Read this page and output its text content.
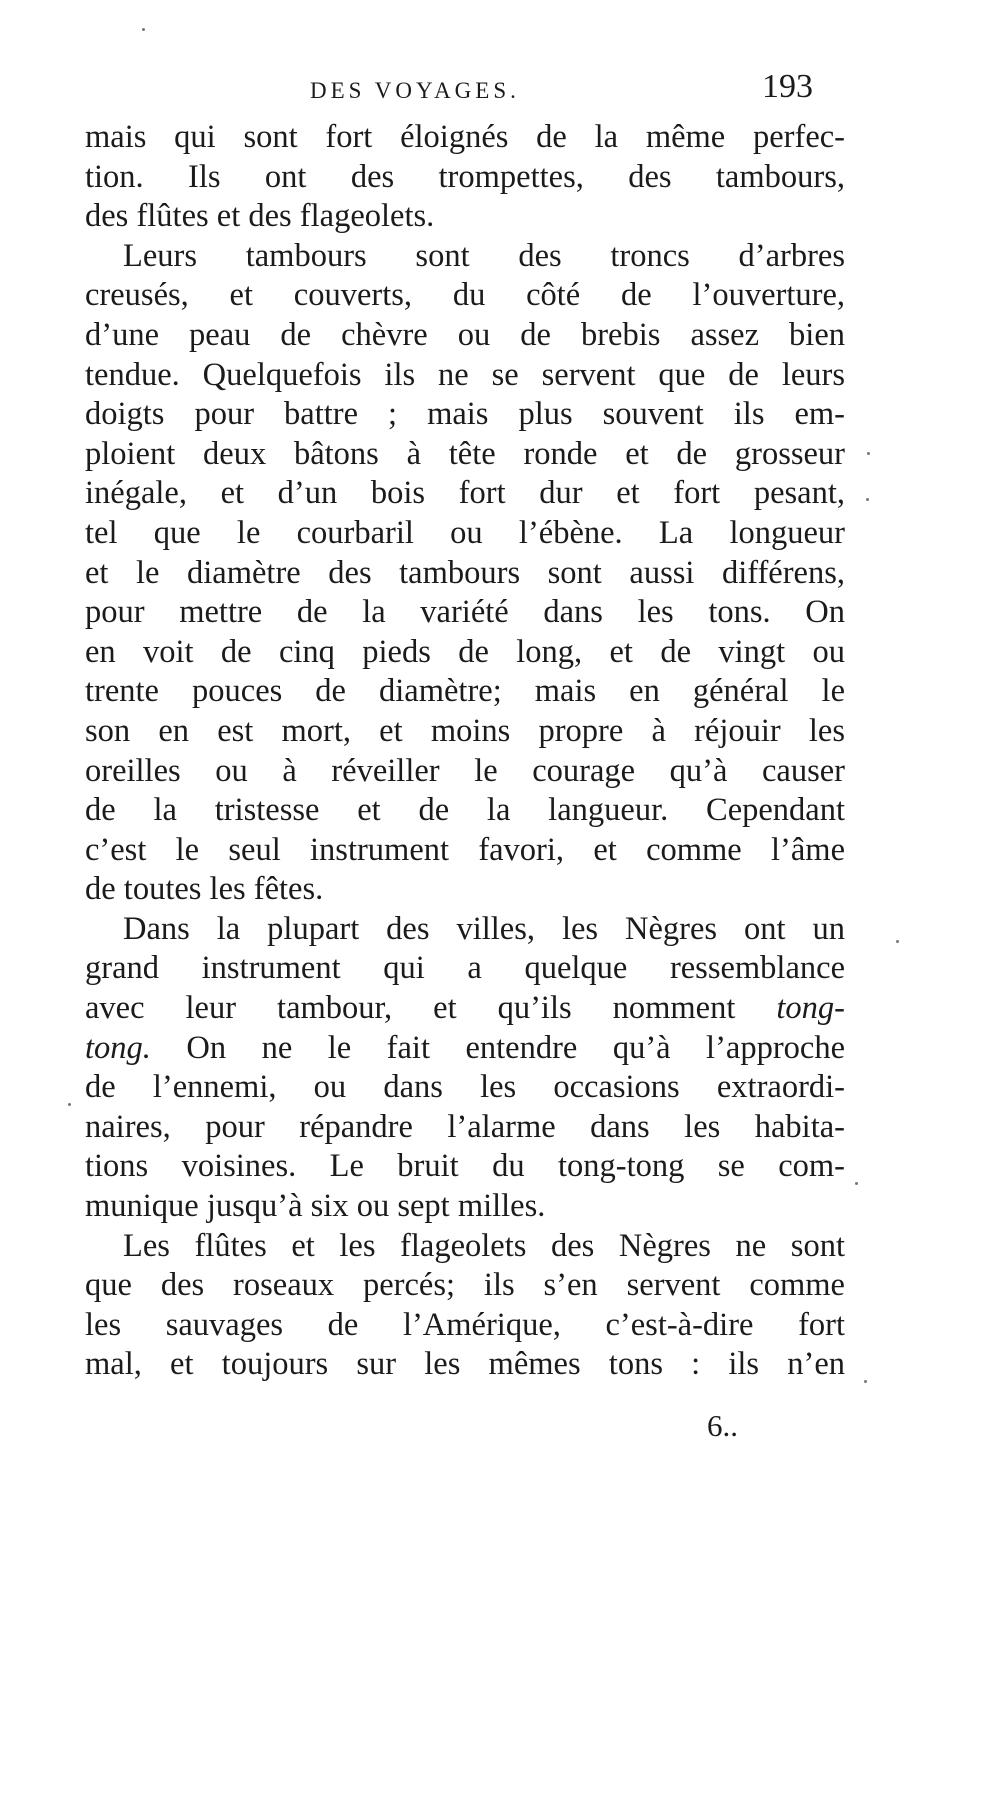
DES VOYAGES.	193
mais qui sont fort éloignés de la même perfec-
tion. Ils ont des trompettes, des tambours,
des flûtes et des flageolets.
Leurs tambours sont des troncs d’arbres
creusés, et couverts, du côté de l’ouverture,
d’une peau de chèvre ou de brebis assez bien
tendue. Quelquefois ils ne se servent que de leurs
doigts pour battre ; mais plus souvent ils em-
ploient deux bâtons à tête ronde et de grosseur
inégale, et d’un bois fort dur et fort pesant,
tel que le courbaril ou l’ébène. La longueur
et le diamètre des tambours sont aussi différens,
pour mettre de la variété dans les tons. On
en voit de cinq pieds de long, et de vingt ou
trente pouces de diamètre; mais en général le
son en est mort, et moins propre à réjouir les
oreilles ou à réveiller le courage qu’à causer
de la tristesse et de la langueur. Cependant
c’est le seul instrument favori, et comme l’âme
de toutes les fêtes.
Dans la plupart des villes, les Nègres ont un
grand instrument qui a quelque ressemblance
avec leur tambour, et qu’ils nomment tong-
tong. On ne le fait entendre qu’à l’approche
de l’ennemi, ou dans les occasions extraordi-
naires, pour répandre l’alarme dans les habita-
tions voisines. Le bruit du tong-tong se com-
munique jusqu’à six ou sept milles.
Les flûtes et les flageolets des Nègres ne sont
que des roseaux percés; ils s’en servent comme
les sauvages de l’Amérique, c’est-à-dire fort
mal, et toujours sur les mêmes tons : ils n’en
6..
